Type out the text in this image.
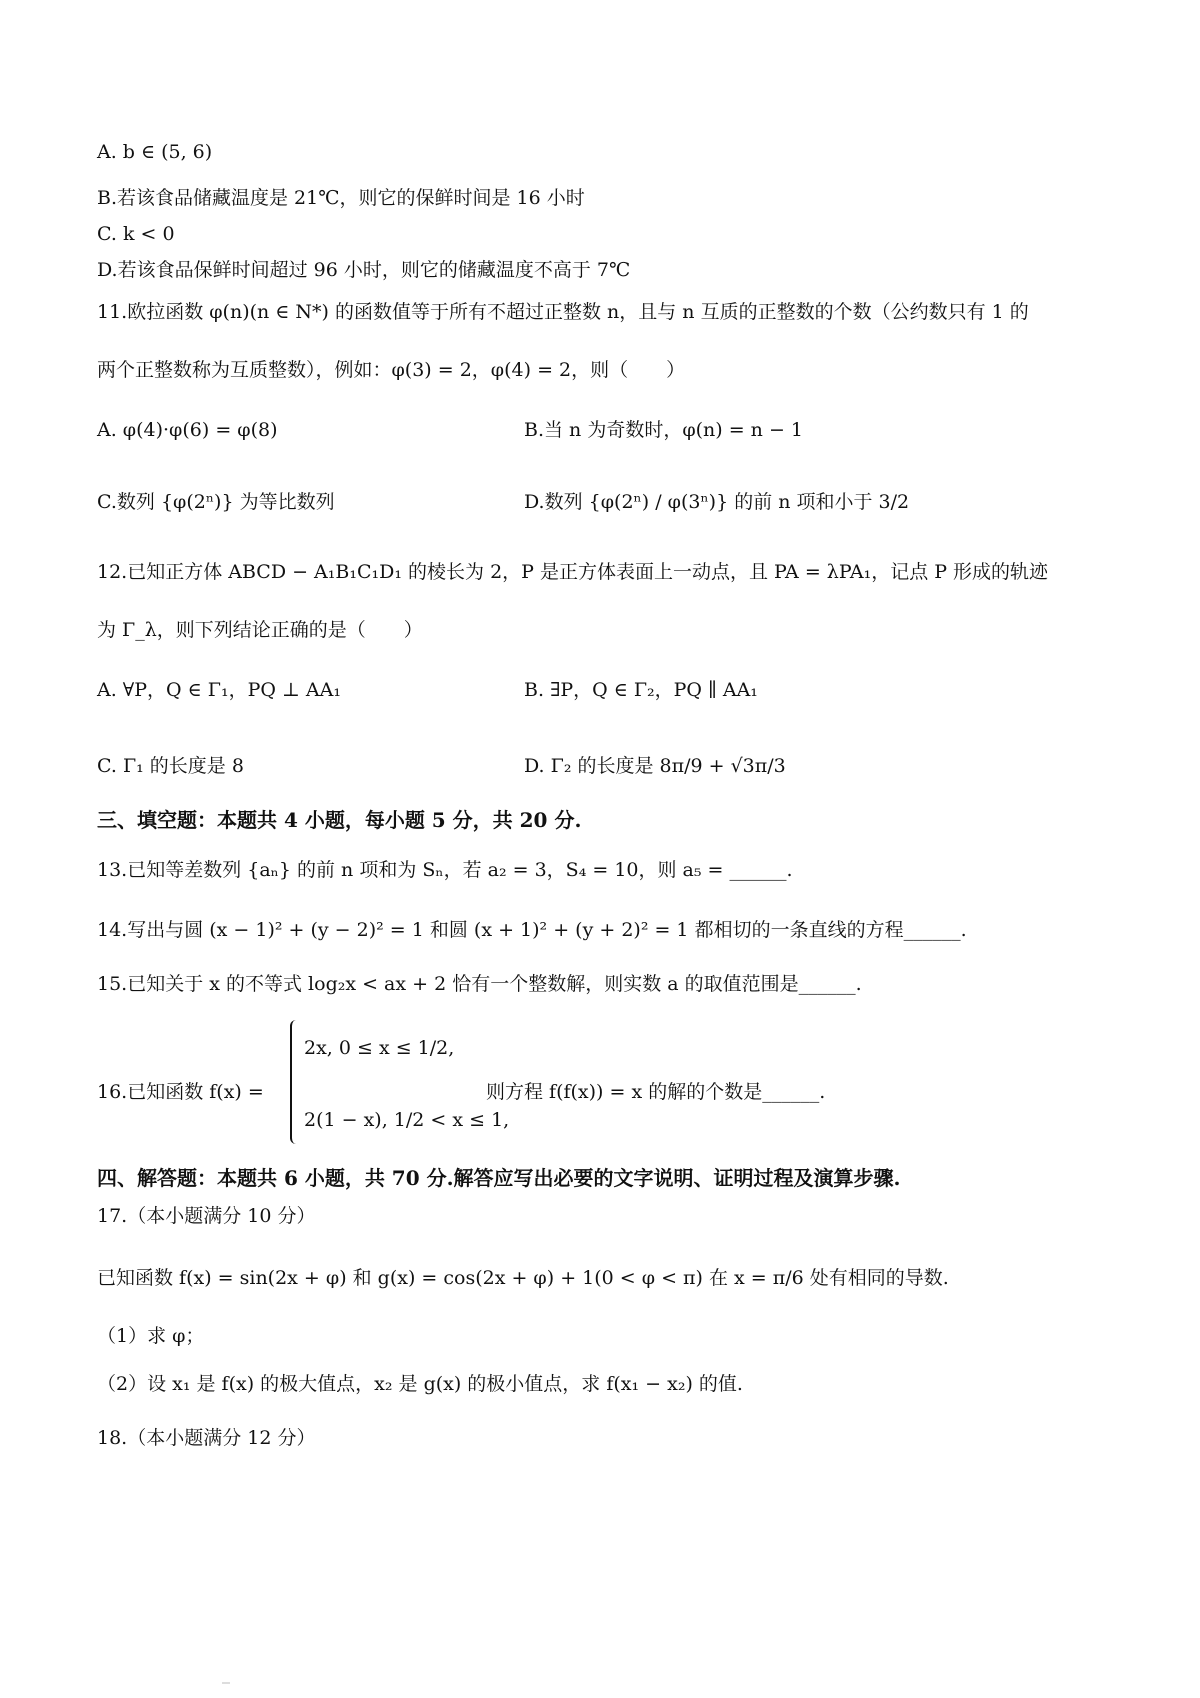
A. b ∈ (5, 6)
B.若该食品储藏温度是 21℃，则它的保鲜时间是 16 小时
C. k < 0
D.若该食品保鲜时间超过 96 小时，则它的储藏温度不高于 7℃
11.欧拉函数 φ(n)(n ∈ N*) 的函数值等于所有不超过正整数 n，且与 n 互质的正整数的个数（公约数只有 1 的
两个正整数称为互质整数），例如：φ(3) = 2，φ(4) = 2，则（　　）
A. φ(4)·φ(6) = φ(8)	B.当 n 为奇数时，φ(n) = n − 1
C.数列 {φ(2ⁿ)} 为等比数列	D.数列 {φ(2ⁿ) / φ(3ⁿ)} 的前 n 项和小于 3/2
12.已知正方体 ABCD − A₁B₁C₁D₁ 的棱长为 2，P 是正方体表面上一动点，且 PA = λPA₁，记点 P 形成的轨迹
为 Γ_λ，则下列结论正确的是（　　）
A. ∀P，Q ∈ Γ₁，PQ ⊥ AA₁	B. ∃P，Q ∈ Γ₂，PQ ∥ AA₁
C. Γ₁ 的长度是 8	D. Γ₂ 的长度是 8π/9 + √3π/3
三、填空题：本题共 4 小题，每小题 5 分，共 20 分.
13.已知等差数列 {aₙ} 的前 n 项和为 Sₙ，若 a₂ = 3，S₄ = 10，则 a₅ = ______.
14.写出与圆 (x − 1)² + (y − 2)² = 1 和圆 (x + 1)² + (y + 2)² = 1 都相切的一条直线的方程______.
15.已知关于 x 的不等式 log₂x < ax + 2 恰有一个整数解，则实数 a 的取值范围是______.
16.已知函数 f(x) =
2x, 0 ≤ x ≤ 1/2,
2(1 − x), 1/2 < x ≤ 1,
则方程 f(f(x)) = x 的解的个数是______.
四、解答题：本题共 6 小题，共 70 分.解答应写出必要的文字说明、证明过程及演算步骤.
17.（本小题满分 10 分）
已知函数 f(x) = sin(2x + φ) 和 g(x) = cos(2x + φ) + 1(0 < φ < π) 在 x = π/6 处有相同的导数.
（1）求 φ；
（2）设 x₁ 是 f(x) 的极大值点，x₂ 是 g(x) 的极小值点，求 f(x₁ − x₂) 的值.
18.（本小题满分 12 分）
